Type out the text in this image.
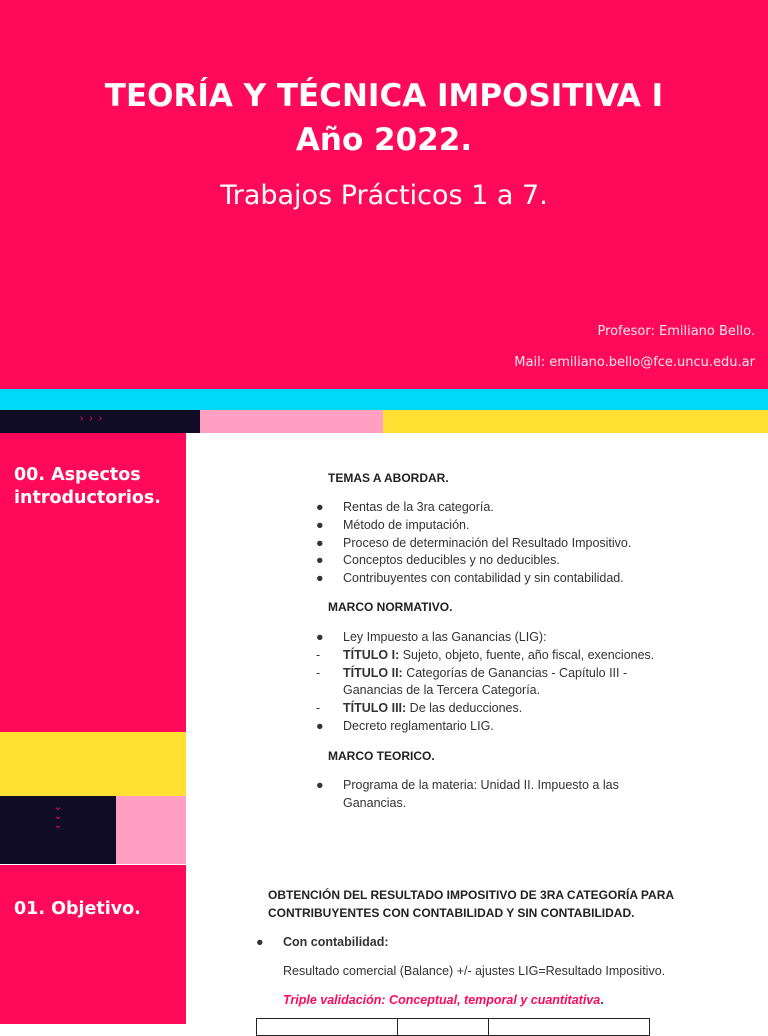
TEORÍA Y TÉCNICA IMPOSITIVA I
Año 2022.
Trabajos Prácticos 1 a 7.
Profesor: Emiliano Bello.
Mail: emiliano.bello@fce.uncu.edu.ar
›››
⌄
⌄
⌄
00. Aspectos
introductorios.
01. Objetivo.
TEMAS A ABORDAR.
● Rentas de la 3ra categoría.
● Método de imputación.
● Proceso de determinación del Resultado Impositivo.
● Conceptos deducibles y no deducibles.
● Contribuyentes con contabilidad y sin contabilidad.
MARCO NORMATIVO.
● Ley Impuesto a las Ganancias (LIG):
- TÍTULO I: Sujeto, objeto, fuente, año fiscal, exenciones.
- TÍTULO II: Categorías de Ganancias - Capítulo III -
Ganancias de la Tercera Categoría.
- TÍTULO III: De las deducciones.
● Decreto reglamentario LIG.
MARCO TEORICO.
● Programa de la materia: Unidad II. Impuesto a las
Ganancias.
OBTENCIÓN DEL RESULTADO IMPOSITIVO DE 3RA CATEGORÍA PARA
CONTRIBUYENTES CON CONTABILIDAD Y SIN CONTABILIDAD.
● Con contabilidad:
Resultado comercial (Balance) +/- ajustes LIG=Resultado Impositivo.
Triple validación: Conceptual, temporal y cuantitativa.
